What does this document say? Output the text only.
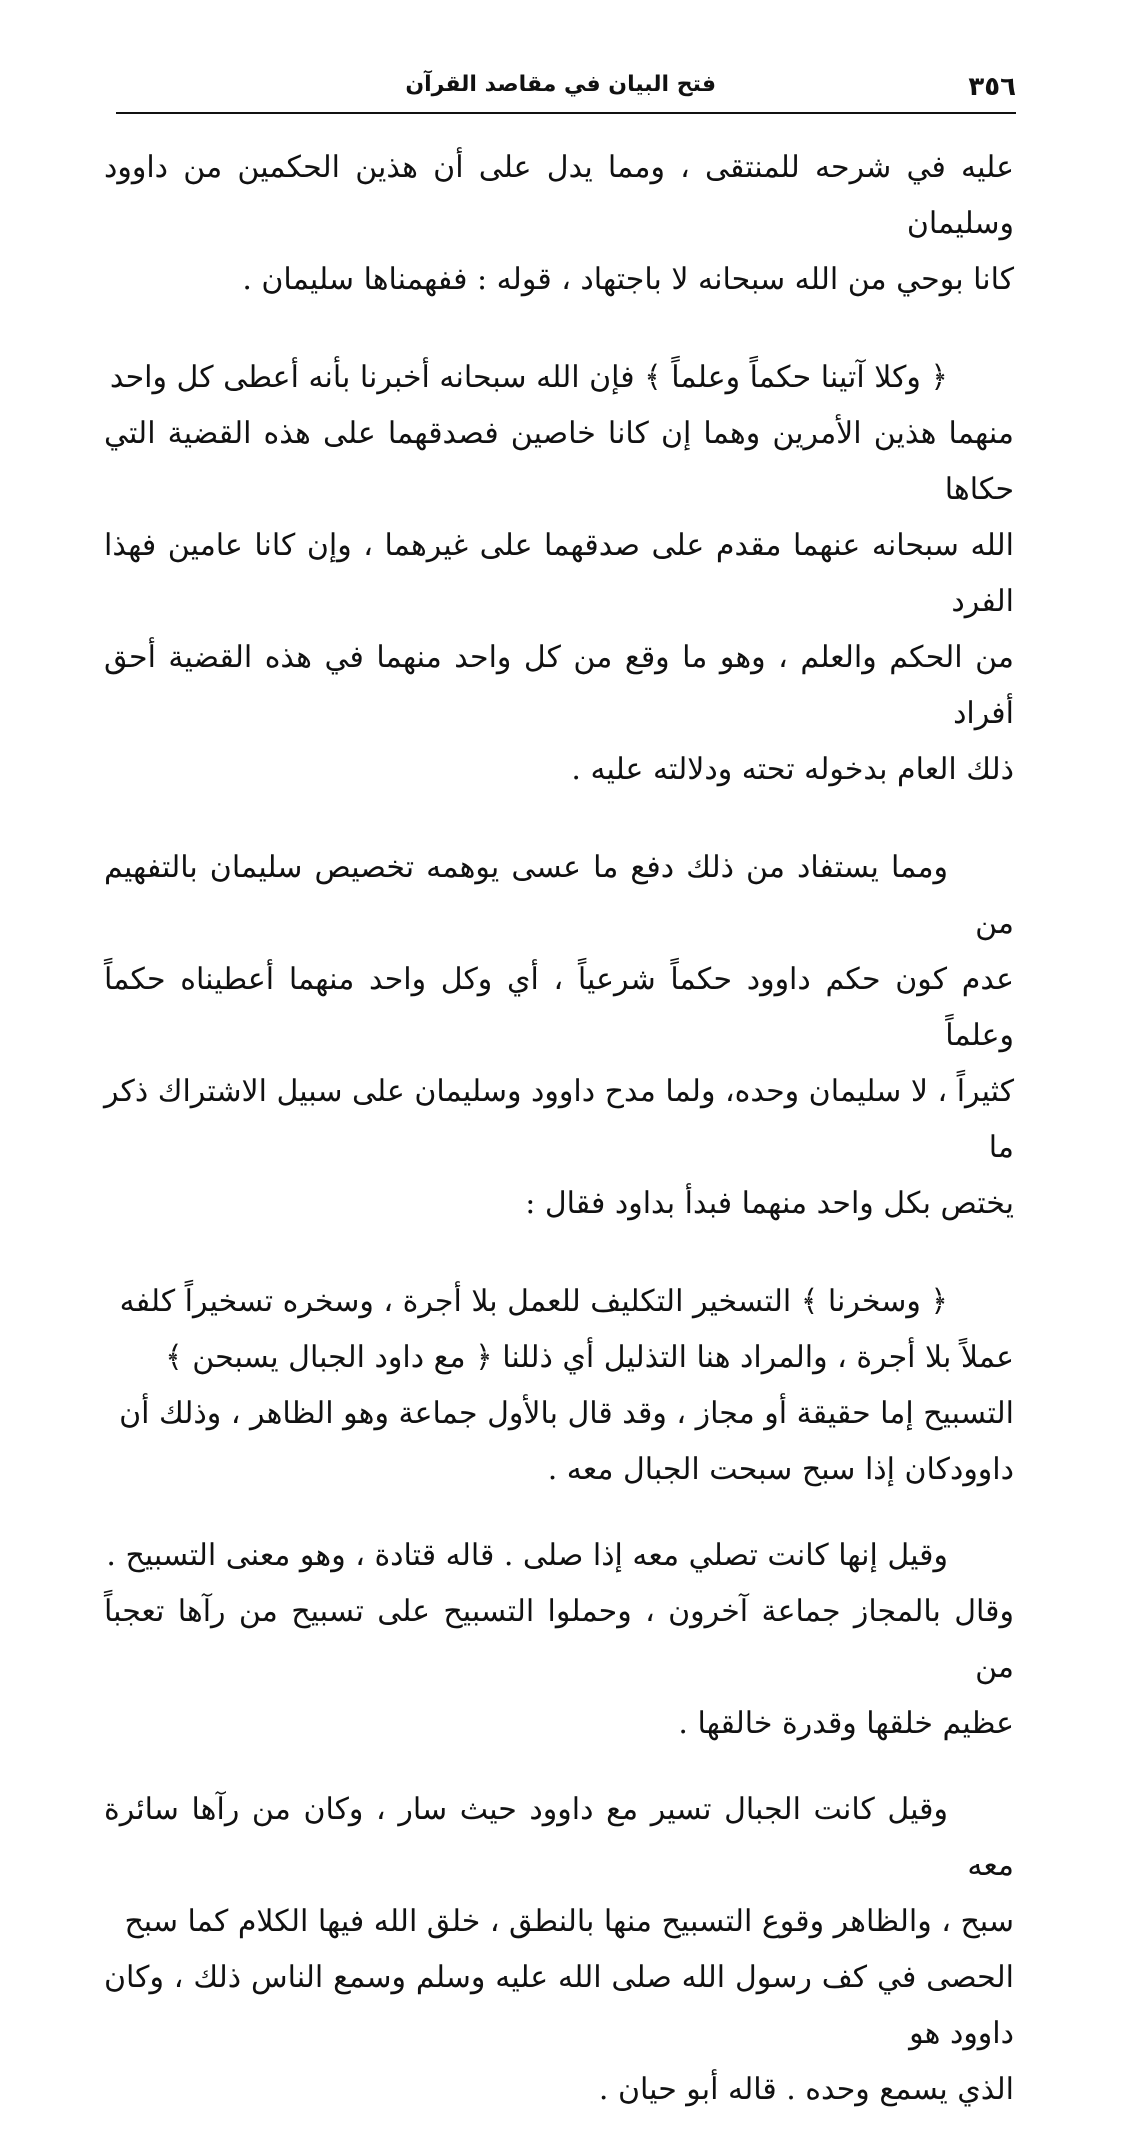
٣٥٦
فتح البيان في مقاصد القرآن

عليه في شرحه للمنتقى ، ومما يدل على أن هذين الحكمين من داوود وسليمان
كانا بوحي من الله سبحانه لا باجتهاد ، قوله : ففهمناها سليمان .

﴿ وكلا آتينا حكماً وعلماً ﴾ فإن الله سبحانه أخبرنا بأنه أعطى كل واحد
منهما هذين الأمرين وهما إن كانا خاصين فصدقهما على هذه القضية التي حكاها
الله سبحانه عنهما مقدم على صدقهما على غيرهما ، وإن كانا عامين فهذا الفرد
من الحكم والعلم ، وهو ما وقع من كل واحد منهما في هذه القضية أحق أفراد
ذلك العام بدخوله تحته ودلالته عليه .

ومما يستفاد من ذلك دفع ما عسى يوهمه تخصيص سليمان بالتفهيم من
عدم كون حكم داوود حكماً شرعياً ، أي وكل واحد منهما أعطيناه حكماً وعلماً
كثيراً ، لا سليمان وحده، ولما مدح داوود وسليمان على سبيل الاشتراك ذكر ما
يختص بكل واحد منهما فبدأ بداود فقال :

﴿ وسخرنا ﴾ التسخير التكليف للعمل بلا أجرة ، وسخره تسخيراً كلفه
عملاً بلا أجرة ، والمراد هنا التذليل أي ذللنا ﴿ مع داود الجبال يسبحن ﴾
التسبيح إما حقيقة أو مجاز ، وقد قال بالأول جماعة وهو الظاهر ، وذلك أن
داوودكان إذا سبح سبحت الجبال معه .

وقيل إنها كانت تصلي معه إذا صلى . قاله قتادة ، وهو معنى التسبيح .
وقال بالمجاز جماعة آخرون ، وحملوا التسبيح على تسبيح من رآها تعجباً من
عظيم خلقها وقدرة خالقها .

وقيل كانت الجبال تسير مع داوود حيث سار ، وكان من رآها سائرة معه
سبح ، والظاهر وقوع التسبيح منها بالنطق ، خلق الله فيها الكلام كما سبح
الحصى في كف رسول الله صلى الله عليه وسلم وسمع الناس ذلك ، وكان داوود هو
الذي يسمع وحده . قاله أبو حيان .
